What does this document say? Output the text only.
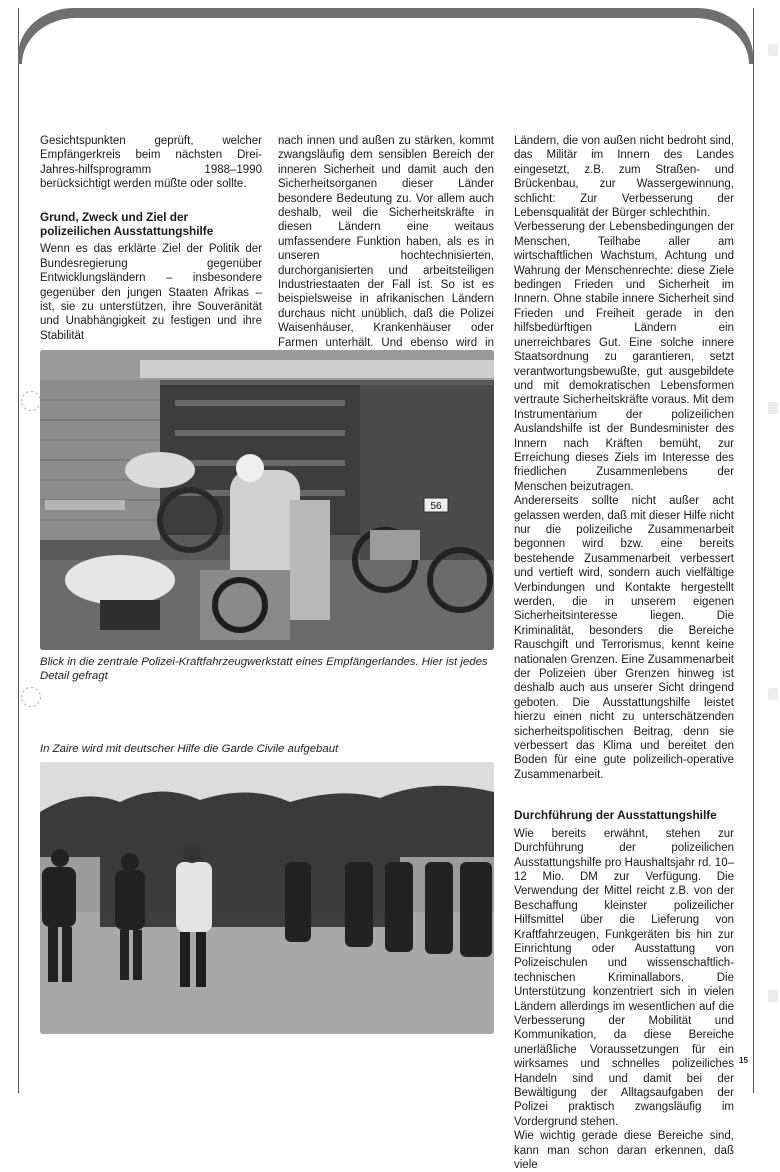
Gesichtspunkten geprüft, welcher Empfängerkreis beim nächsten Drei-Jahres-hilfsprogramm 1988–1990 berücksichtigt werden müßte oder sollte.

Grund, Zweck und Ziel der polizeilichen Ausstattungshilfe

Wenn es das erklärte Ziel der Politik der Bundesregierung gegenüber Entwicklungsländern – insbesondere gegenüber den jungen Staaten Afrikas – ist, sie zu unterstützen, ihre Souveränität und Unabhängigkeit zu festigen und ihre Stabilität

nach innen und außen zu stärken, kommt zwangsläufig dem sensiblen Bereich der inneren Sicherheit und damit auch den Sicherheitsorganen dieser Länder besondere Bedeutung zu. Vor allem auch deshalb, weil die Sicherheitskräfte in diesen Ländern eine weitaus umfassendere Funktion haben, als es in unseren hochtechnisierten, durchorganisierten und arbeitsteiligen Industriestaaten der Fall ist. So ist es beispielsweise in afrikanischen Ländern durchaus nicht unüblich, daß die Polizei Waisenhäuser, Krankenhäuser oder Farmen unterhält. Und ebenso wird in

Ländern, die von außen nicht bedroht sind, das Militär im Innern des Landes eingesetzt, z.B. zum Straßen- und Brückenbau, zur Wassergewinnung, schlicht: Zur Verbesserung der Lebensqualität der Bürger schlechthin.

Verbesserung der Lebensbedingungen der Menschen, Teilhabe aller am wirtschaftlichen Wachstum, Achtung und Wahrung der Menschenrechte: diese Ziele bedingen Frieden und Sicherheit im Innern. Ohne stabile innere Sicherheit sind Frieden und Freiheit gerade in den hilfsbedürftigen Ländern ein unerreichbares Gut. Eine solche innere Staatsordnung zu garantieren, setzt verantwortungsbewußte, gut ausgebildete und mit demokratischen Lebensformen vertraute Sicherheitskräfte voraus. Mit dem Instrumentarium der polizeilichen Auslandshilfe ist der Bundesminister des Innern nach Kräften bemüht, zur Erreichung dieses Ziels im Interesse des friedlichen Zusammenlebens der Menschen beizutragen.

Andererseits sollte nicht außer acht gelassen werden, daß mit dieser Hilfe nicht nur die polizeiliche Zusammenarbeit begonnen wird bzw. eine bereits bestehende Zusammenarbeit verbessert und vertieft wird, sondern auch vielfältige Verbindungen und Kontakte hergestellt werden, die in unserem eigenen Sicherheitsinteresse liegen. Die Kriminalität, besonders die Bereiche Rauschgift und Terrorismus, kennt keine nationalen Grenzen. Eine Zusammenarbeit der Polizeien über Grenzen hinweg ist deshalb auch aus unserer Sicht dringend geboten. Die Ausstattungshilfe leistet hierzu einen nicht zu unterschätzenden sicherheitspolitischen Beitrag, denn sie verbessert das Klima und bereitet den Boden für eine gute polizeilich-operative Zusammenarbeit.

Durchführung der Ausstattungshilfe

Wie bereits erwähnt, stehen zur Durchführung der polizeilichen Ausstattungshilfe pro Haushaltsjahr rd. 10–12 Mio. DM zur Verfügung. Die Verwendung der Mittel reicht z.B. von der Beschaffung kleinster polizeilicher Hilfsmittel über die Lieferung von Kraftfahrzeugen, Funkgeräten bis hin zur Einrichtung oder Ausstattung von Polizeischulen und wissenschaftlich-technischen Kriminallabors. Die Unterstützung konzentriert sich in vielen Ländern allerdings im wesentlichen auf die Verbesserung der Mobilität und Kommunikation, da diese Bereiche unerläßliche Voraussetzungen für ein wirksames und schnelles polizeiliches Handeln sind und damit bei der Bewältigung der Alltagsaufgaben der Polizei praktisch zwangsläufig im Vordergrund stehen.

Wie wichtig gerade diese Bereiche sind, kann man schon daran erkennen, daß viele

56
Blick in die zentrale Polizei-Kraftfahrzeugwerkstatt eines Empfängerlandes. Hier ist jedes Detail gefragt
In Zaire wird mit deutscher Hilfe die Garde Civile aufgebaut
15
